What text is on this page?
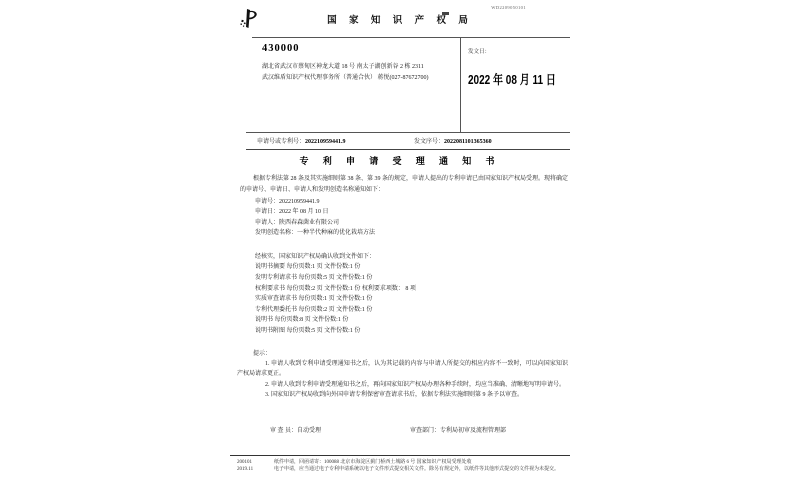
国 家 知 识 产 权 局
WD2209050101
430000
湖北省武汉市蔡甸区神龙大道 18 号 南太子湖创新谷 2 栋 2311
武汉维盾知识产权代理事务所（普通合伙） 蒋悦(027-87672700)
发文日：
2022 年 08 月 11 日
申请号或专利号：202210959441.9	发文序号：2022081101365360
专 利 申 请 受 理 通 知 书

根据专利法第 28 条及其实施细则第 38 条、第 39 条的规定，申请人提出的专利申请已由国家知识产权局受理。现将确定的申请号、申请日、申请人和发明创造名称通知如下：

申请号：202210959441.9
申请日：2022 年 08 月 10 日
申请人：陕西春森菌业有限公司
发明创造名称：一种半代种麻的优化栽培方法
经核实，国家知识产权局确认收到文件如下：
说明书摘要 每份页数:1 页 文件份数:1 份
发明专利请求书 每份页数:5 页 文件份数:1 份
权利要求书 每份页数:2 页 文件份数:1 份 权利要求项数： 8 项
实质审查请求书 每份页数:1 页 文件份数:1 份
专利代理委托书 每份页数:2 页 文件份数:1 份
说明书 每份页数:8 页 文件份数:1 份
说明书附图 每份页数:5 页 文件份数:1 份
提示：

1. 申请人收到专利申请受理通知书之后，认为其记载的内容与申请人所提交的相应内容不一致时，可以向国家知识产权局请求更正。

2. 申请人收到专利申请受理通知书之后，再向国家知识产权局办理各种手续时，均应当准确、清晰地写明申请号。

3. 国家知识产权局收到向外国申请专利保密审查请求书后，依据专利法实施细则第 9 条予以审查。

审 查 员：自动受理	审查部门：专利局初审及流程管理部
200101
2019.11
纸件申请，回函请寄：100088 北京市海淀区蓟门桥西土城路 6 号 国家知识产权局受理处收
电子申请，应当通过电子专利申请系统以电子文件形式提交相关文件。除另有规定外，以纸件等其他形式提交的文件视为未提交。
